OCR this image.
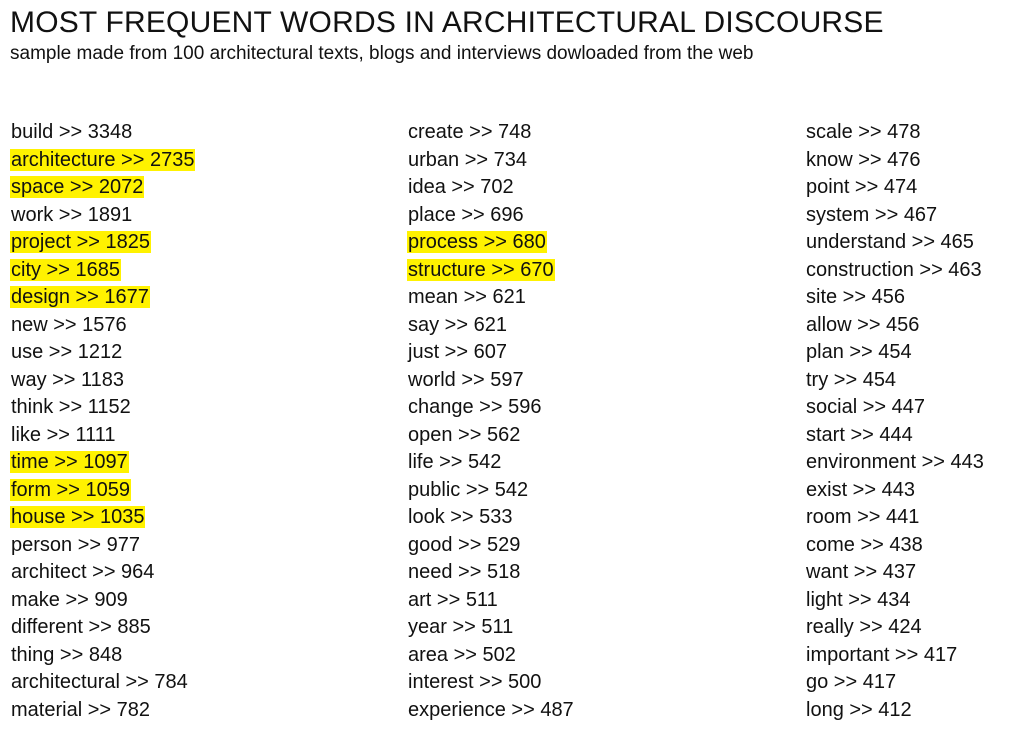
MOST FREQUENT WORDS IN ARCHITECTURAL DISCOURSE

sample made from 100 architectural texts, blogs and interviews dowloaded from the web

build >> 3348
architecture >> 2735
space >> 2072
work >> 1891
project >> 1825
city >> 1685
design >> 1677
new >> 1576
use >> 1212
way >> 1183
think >> 1152
like >> 1111
time >> 1097
form >> 1059
house >> 1035
person >> 977
architect >> 964
make >> 909
different >> 885
thing >> 848
architectural >> 784
material >> 782
create >> 748
urban >> 734
idea >> 702
place >> 696
process >> 680
structure >> 670
mean >> 621
say >> 621
just >> 607
world >> 597
change >> 596
open >> 562
life >> 542
public >> 542
look >> 533
good >> 529
need >> 518
art >> 511
year >> 511
area >> 502
interest >> 500
experience >> 487
scale >> 478
know >> 476
point >> 474
system >> 467
understand >> 465
construction >> 463
site >> 456
allow >> 456
plan >> 454
try >> 454
social >> 447
start >> 444
environment >> 443
exist >> 443
room >> 441
come >> 438
want >> 437
light >> 434
really >> 424
important >> 417
go >> 417
long >> 412
